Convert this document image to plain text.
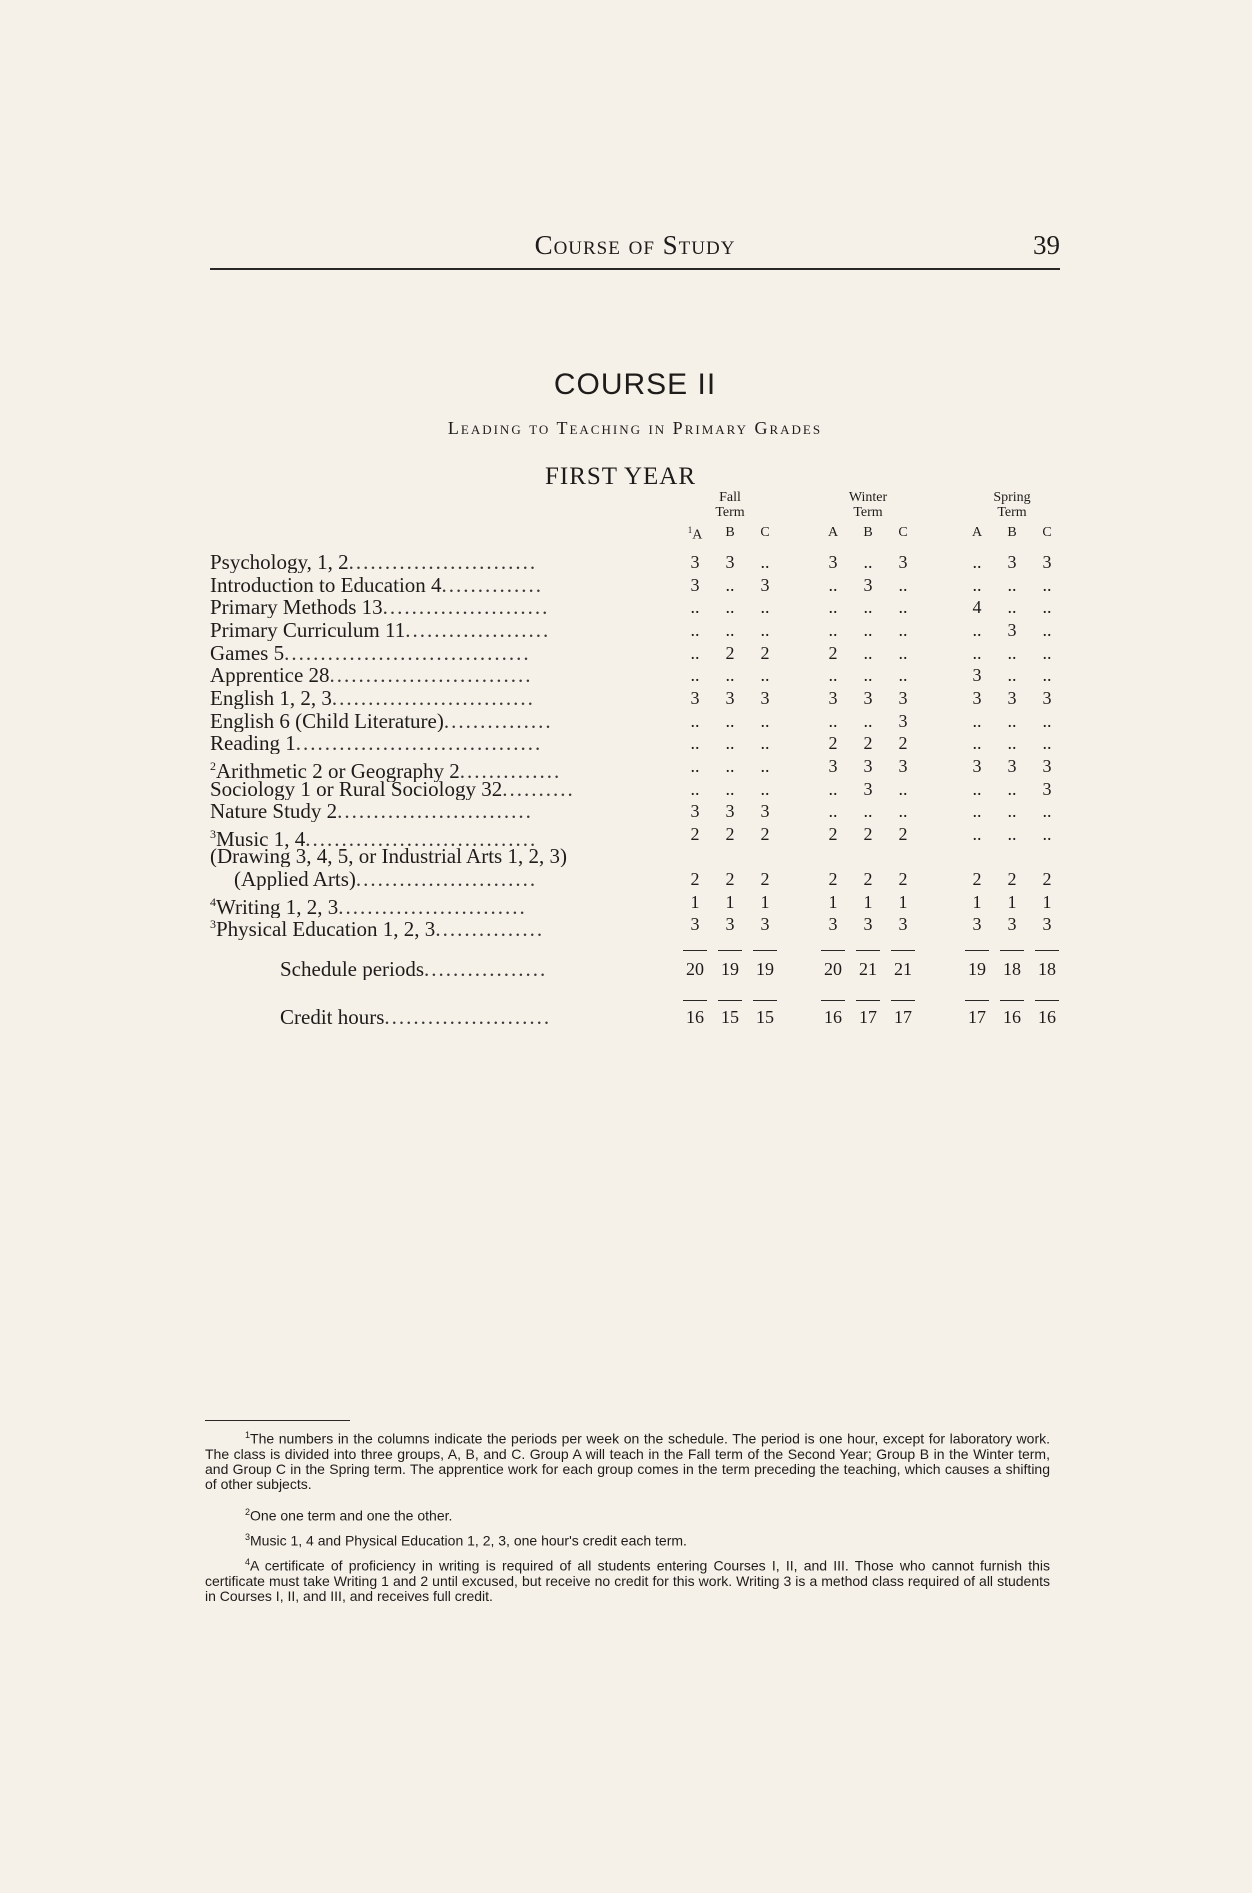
Course of Study	39
COURSE II
Leading to Teaching in Primary Grades
FIRST YEAR
Fall
Term
$^1$A	B	C
Winter
Term
A	B	C
Spring
Term
A	B	C
Psychology, 1, 2..........................	3	3	..	3	..	3	..	3	3
Introduction to Education 4..............	3	..	3	..	3	..	..	..	..
Primary Methods 13.......................	..	..	..	..	..	..	4	..	..
Primary Curriculum 11....................	..	..	..	..	..	..	..	3	..
Games 5..................................	..	2	2	2	..	..	..	..	..
Apprentice 28............................	..	..	..	..	..	..	3	..	..
English 1, 2, 3............................	3	3	3	3	3	3	3	3	3
English 6 (Child Literature)...............	..	..	..	..	..	3	..	..	..
Reading 1..................................	..	..	..	2	2	2	..	..	..
$^2$Arithmetic 2 or Geography 2..............	..	..	..	3	3	3	3	3	3
Sociology 1 or Rural Sociology 32..........	..	..	..	..	3	..	..	..	3
Nature Study 2...........................	3	3	3	..	..	..	..	..	..
$^3$Music 1, 4................................	2	2	2	2	2	2	..	..	..
(Drawing 3, 4, 5, or Industrial Arts 1, 2, 3)
(Applied Arts).........................	2	2	2	2	2	2	2	2	2
$^4$Writing 1, 2, 3..........................	1	1	1	1	1	1	1	1	1
$^3$Physical Education 1, 2, 3...............	3	3	3	3	3	3	3	3	3
Schedule periods.................	20 19 19	20 21 21	19 18 18
Credit hours.......................	16 15 15	16 17 17	17 16 16
$^1$The numbers in the columns indicate the periods per week on the schedule. The period is one hour, except for laboratory work. The class is divided into three groups, A, B, and C. Group A will teach in the Fall term of the Second Year; Group B in the Winter term, and Group C in the Spring term. The apprentice work for each group comes in the term preceding the teaching, which causes a shifting of other subjects.
$^2$One one term and one the other.
$^3$Music 1, 4 and Physical Education 1, 2, 3, one hour's credit each term.
$^4$A certificate of proficiency in writing is required of all students entering Courses I, II, and III. Those who cannot furnish this certificate must take Writing 1 and 2 until excused, but receive no credit for this work. Writing 3 is a method class required of all students in Courses I, II, and III, and receives full credit.
